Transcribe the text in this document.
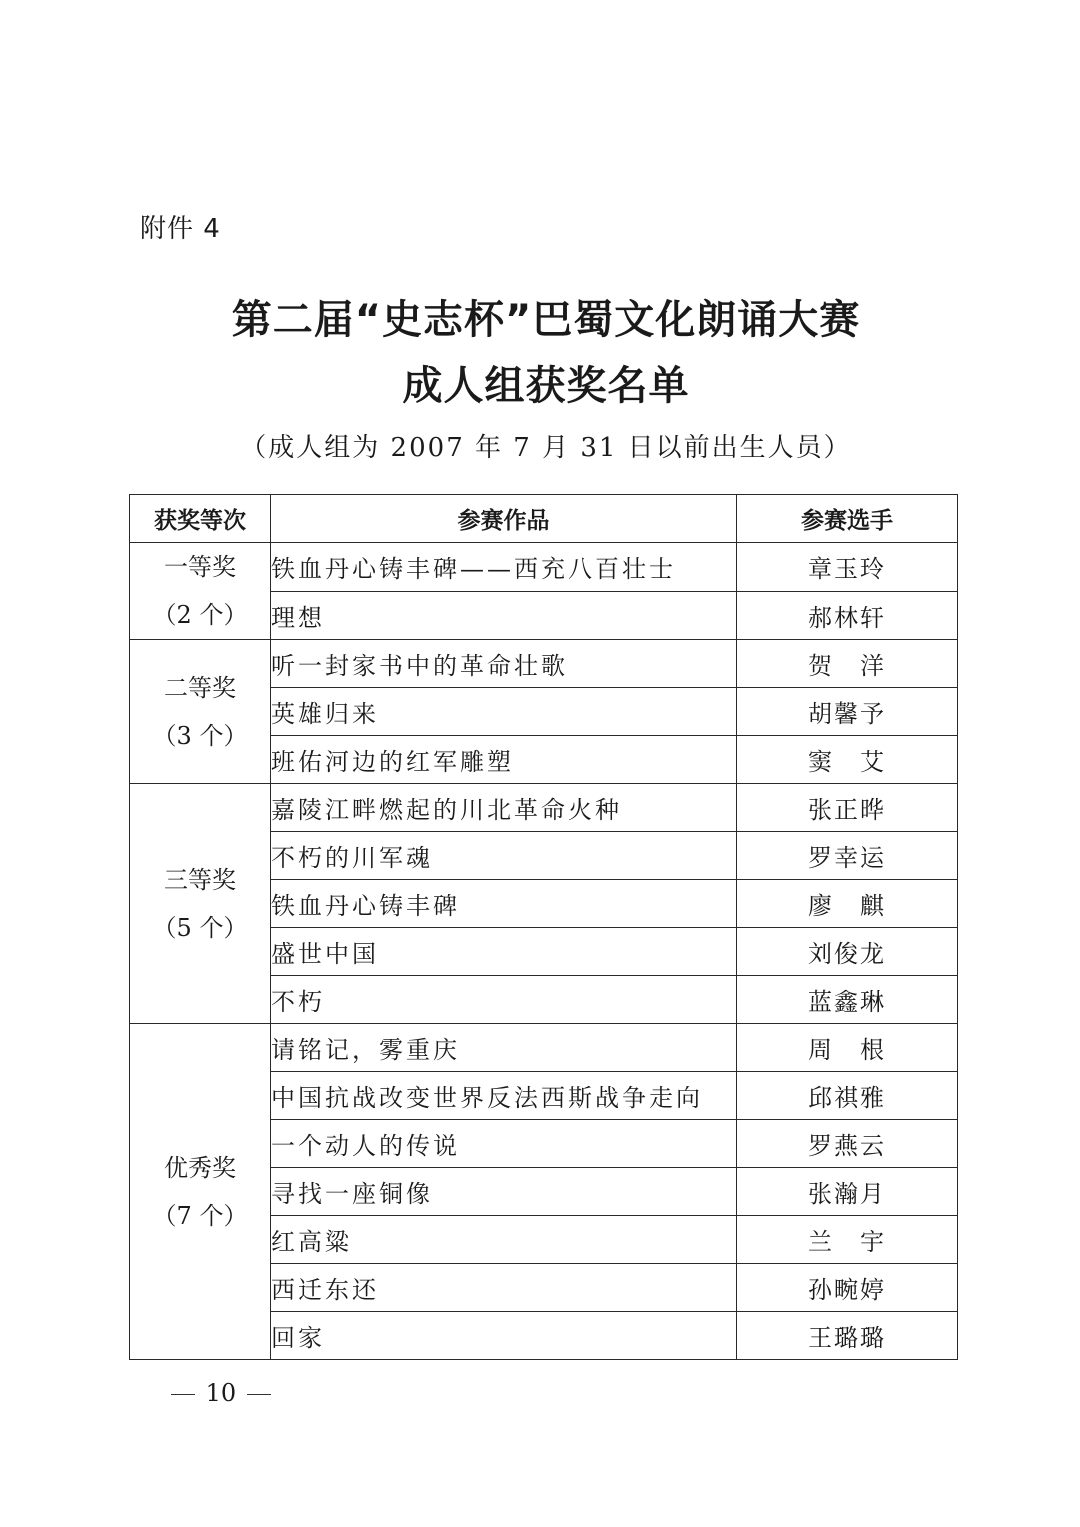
附件 4
第二届“史志杯”巴蜀文化朗诵大赛
成人组获奖名单
（成人组为 2007 年 7 月 31 日以前出生人员）
获奖等次	参赛作品	参赛选手
一等奖
（2 个）	铁血丹心铸丰碑——西充八百壮士	章玉玲
	理想	郝林轩
二等奖
（3 个）	听一封家书中的革命壮歌	贺　洋
	英雄归来	胡馨予
	班佑河边的红军雕塑	窦　艾
三等奖
（5 个）	嘉陵江畔燃起的川北革命火种	张正晔
	不朽的川军魂	罗幸运
	铁血丹心铸丰碑	廖　麒
	盛世中国	刘俊龙
	不朽	蓝鑫琳
优秀奖
（7 个）	请铭记，雾重庆	周　根
	中国抗战改变世界反法西斯战争走向	邱祺雅
	一个动人的传说	罗燕云
	寻找一座铜像	张瀚月
	红高粱	兰　宇
	西迁东还	孙畹婷
	回家	王璐璐
10
